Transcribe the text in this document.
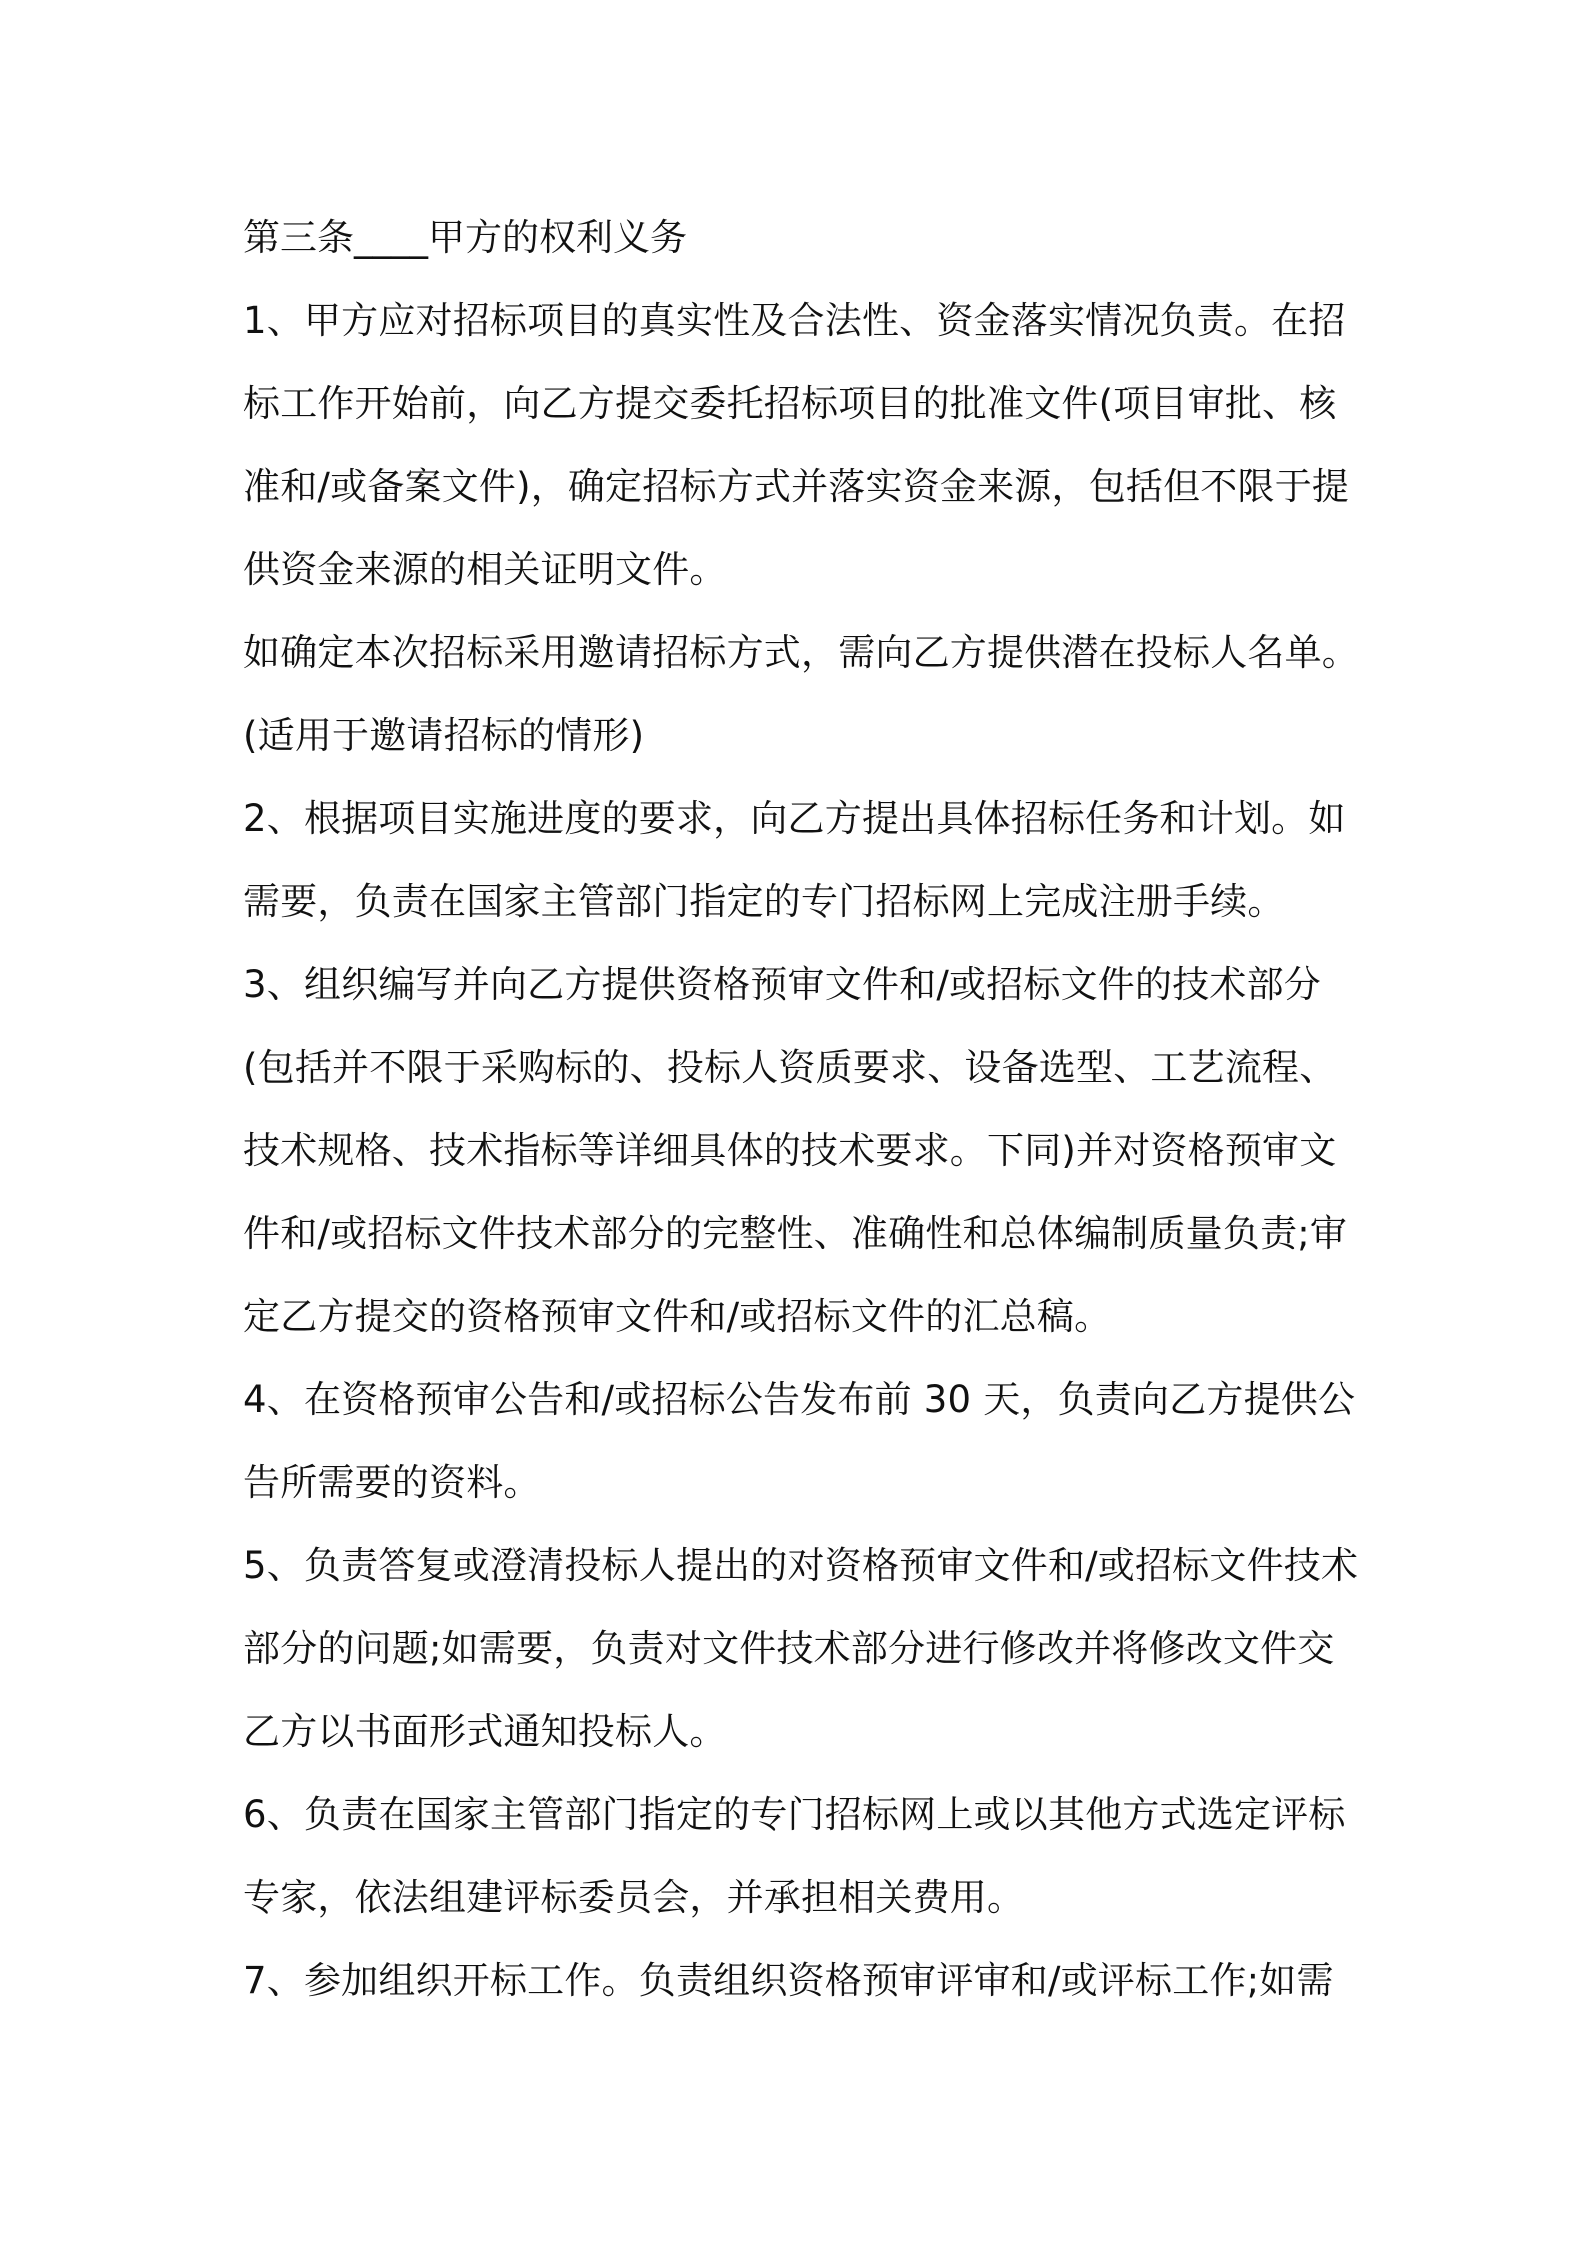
第三条____甲方的权利义务
1、甲方应对招标项目的真实性及合法性、资金落实情况负责。在招
标工作开始前，向乙方提交委托招标项目的批准文件(项目审批、核
准和/或备案文件)，确定招标方式并落实资金来源，包括但不限于提
供资金来源的相关证明文件。
如确定本次招标采用邀请招标方式，需向乙方提供潜在投标人名单。
(适用于邀请招标的情形)
2、根据项目实施进度的要求，向乙方提出具体招标任务和计划。如
需要，负责在国家主管部门指定的专门招标网上完成注册手续。
3、组织编写并向乙方提供资格预审文件和/或招标文件的技术部分
(包括并不限于采购标的、投标人资质要求、设备选型、工艺流程、
技术规格、技术指标等详细具体的技术要求。下同)并对资格预审文
件和/或招标文件技术部分的完整性、准确性和总体编制质量负责;审
定乙方提交的资格预审文件和/或招标文件的汇总稿。
4、在资格预审公告和/或招标公告发布前 30 天，负责向乙方提供公
告所需要的资料。
5、负责答复或澄清投标人提出的对资格预审文件和/或招标文件技术
部分的问题;如需要，负责对文件技术部分进行修改并将修改文件交
乙方以书面形式通知投标人。
6、负责在国家主管部门指定的专门招标网上或以其他方式选定评标
专家，依法组建评标委员会，并承担相关费用。
7、参加组织开标工作。负责组织资格预审评审和/或评标工作;如需
